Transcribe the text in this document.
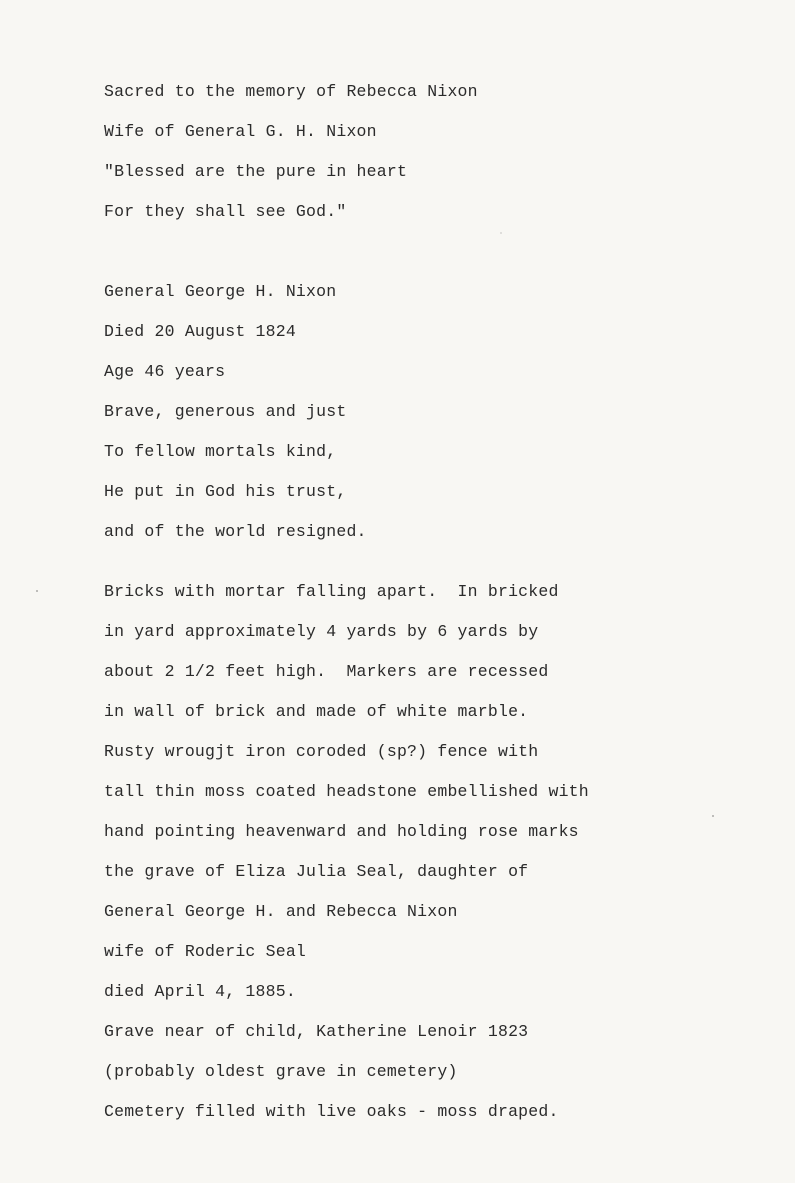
Sacred to the memory of Rebecca Nixon
Wife of General G. H. Nixon
"Blessed are the pure in heart
For they shall see God."
General George H. Nixon
Died 20 August 1824
Age 46 years
Brave, generous and just
To fellow mortals kind,
He put in God his trust,
and of the world resigned.
Bricks with mortar falling apart.  In bricked
in yard approximately 4 yards by 6 yards by
about 2 1/2 feet high.  Markers are recessed
in wall of brick and made of white marble.
Rusty wrougjt iron coroded (sp?) fence with
tall thin moss coated headstone embellished with
hand pointing heavenward and holding rose marks
the grave of Eliza Julia Seal, daughter of
General George H. and Rebecca Nixon
wife of Roderic Seal
died April 4, 1885.
Grave near of child, Katherine Lenoir 1823
(probably oldest grave in cemetery)
Cemetery filled with live oaks - moss draped.
